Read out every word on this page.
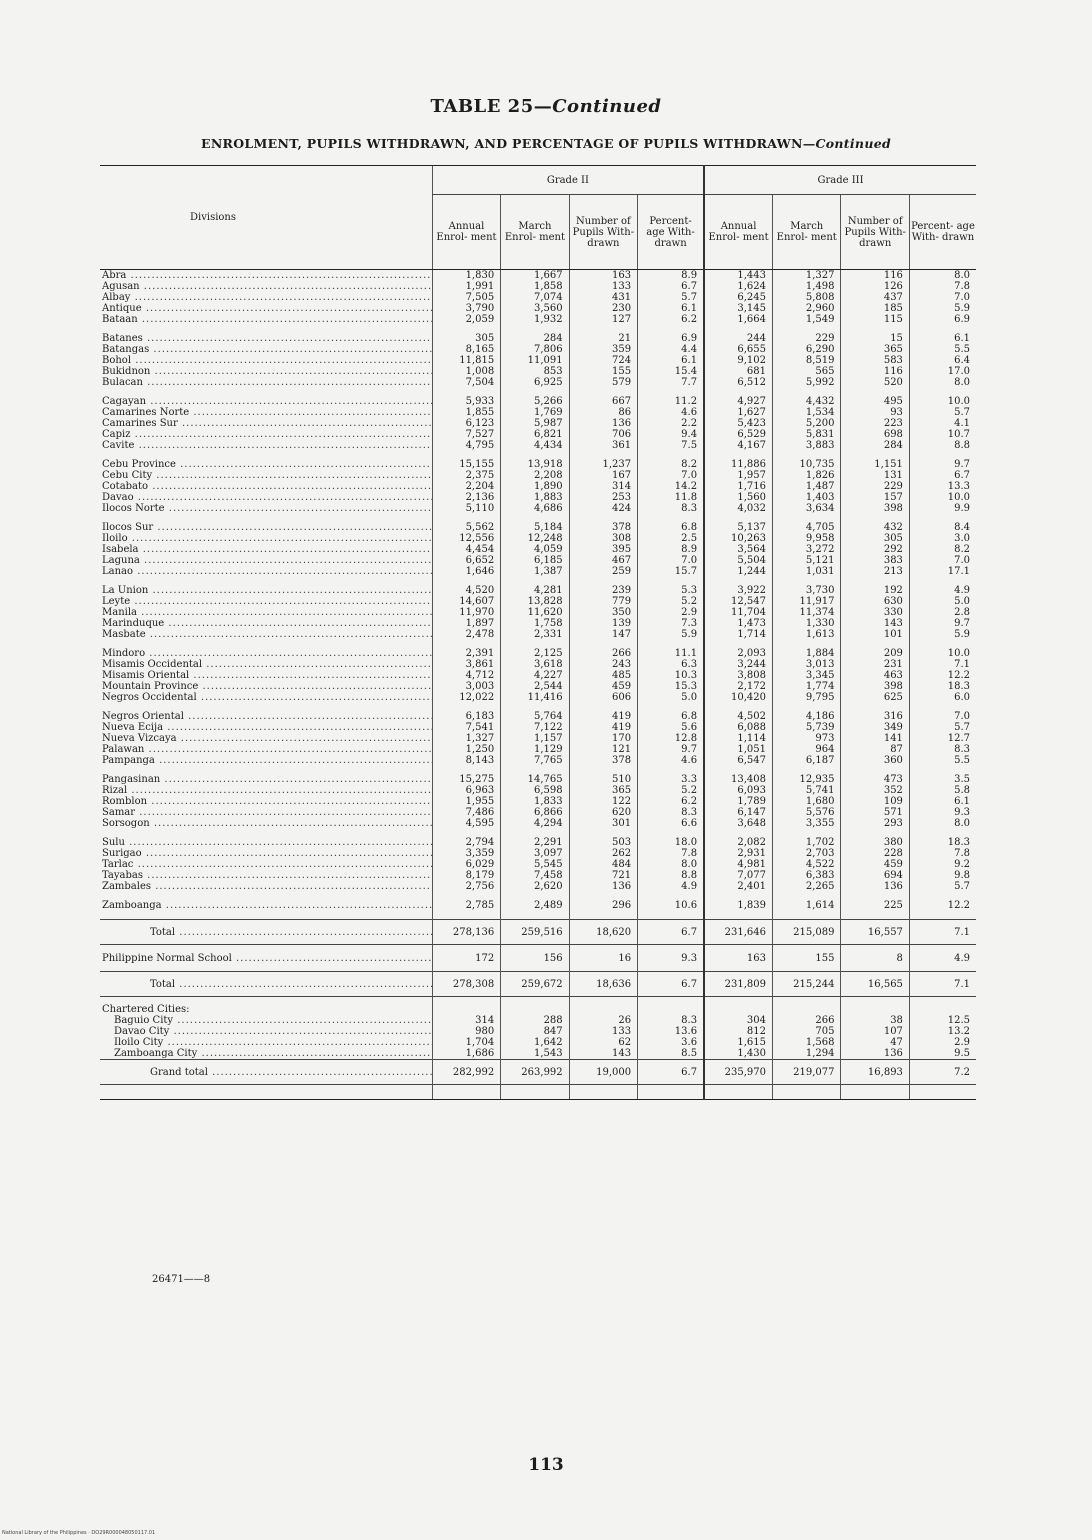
TABLE 25—Continued
ENROLMENT, PUPILS WITHDRAWN, AND PERCENTAGE OF PUPILS WITHDRAWN—Continued
Divisions	Grade II				Grade III			
	Annual Enrol- ment	March Enrol- ment	Number of Pupils With- drawn	Percent- age With- drawn	Annual Enrol- ment	March Enrol- ment	Number of Pupils With- drawn	Percent- age With- drawn
Abra .....	1,830	1,667	163	8.9	1,443	1,327	116	8.0
Agusan .....	1,991	1,858	133	6.7	1,624	1,498	126	7.8
Albay .....	7,505	7,074	431	5.7	6,245	5,808	437	7.0
Antique .....	3,790	3,560	230	6.1	3,145	2,960	185	5.9
Bataan .....	2,059	1,932	127	6.2	1,664	1,549	115	6.9

Batanes .....	305	284	21	6.9	244	229	15	6.1
Batangas .....	8,165	7,806	359	4.4	6,655	6,290	365	5.5
Bohol .....	11,815	11,091	724	6.1	9,102	8,519	583	6.4
Bukidnon .....	1,008	853	155	15.4	681	565	116	17.0
Bulacan .....	7,504	6,925	579	7.7	6,512	5,992	520	8.0

Cagayan .....	5,933	5,266	667	11.2	4,927	4,432	495	10.0
Camarines Norte .....	1,855	1,769	86	4.6	1,627	1,534	93	5.7
Camarines Sur .....	6,123	5,987	136	2.2	5,423	5,200	223	4.1
Capiz .....	7,527	6,821	706	9.4	6,529	5,831	698	10.7
Cavite .....	4,795	4,434	361	7.5	4,167	3,883	284	8.8

Cebu Province .....	15,155	13,918	1,237	8.2	11,886	10,735	1,151	9.7
Cebu City .....	2,375	2,208	167	7.0	1,957	1,826	131	6.7
Cotabato .....	2,204	1,890	314	14.2	1,716	1,487	229	13.3
Davao .....	2,136	1,883	253	11.8	1,560	1,403	157	10.0
Ilocos Norte .....	5,110	4,686	424	8.3	4,032	3,634	398	9.9

Ilocos Sur .....	5,562	5,184	378	6.8	5,137	4,705	432	8.4
Iloilo .....	12,556	12,248	308	2.5	10,263	9,958	305	3.0
Isabela .....	4,454	4,059	395	8.9	3,564	3,272	292	8.2
Laguna .....	6,652	6,185	467	7.0	5,504	5,121	383	7.0
Lanao .....	1,646	1,387	259	15.7	1,244	1,031	213	17.1

La Union .....	4,520	4,281	239	5.3	3,922	3,730	192	4.9
Leyte .....	14,607	13,828	779	5.2	12,547	11,917	630	5.0
Manila .....	11,970	11,620	350	2.9	11,704	11,374	330	2.8
Marinduque .....	1,897	1,758	139	7.3	1,473	1,330	143	9.7
Masbate .....	2,478	2,331	147	5.9	1,714	1,613	101	5.9

Mindoro .....	2,391	2,125	266	11.1	2,093	1,884	209	10.0
Misamis Occidental .....	3,861	3,618	243	6.3	3,244	3,013	231	7.1
Misamis Oriental .....	4,712	4,227	485	10.3	3,808	3,345	463	12.2
Mountain Province .....	3,003	2,544	459	15.3	2,172	1,774	398	18.3
Negros Occidental .....	12,022	11,416	606	5.0	10,420	9,795	625	6.0

Negros Oriental .....	6,183	5,764	419	6.8	4,502	4,186	316	7.0
Nueva Ecija .....	7,541	7,122	419	5.6	6,088	5,739	349	5.7
Nueva Vizcaya .....	1,327	1,157	170	12.8	1,114	973	141	12.7
Palawan .....	1,250	1,129	121	9.7	1,051	964	87	8.3
Pampanga .....	8,143	7,765	378	4.6	6,547	6,187	360	5.5

Pangasinan .....	15,275	14,765	510	3.3	13,408	12,935	473	3.5
Rizal .....	6,963	6,598	365	5.2	6,093	5,741	352	5.8
Romblon .....	1,955	1,833	122	6.2	1,789	1,680	109	6.1
Samar .....	7,486	6,866	620	8.3	6,147	5,576	571	9.3
Sorsogon .....	4,595	4,294	301	6.6	3,648	3,355	293	8.0

Sulu .....	2,794	2,291	503	18.0	2,082	1,702	380	18.3
Surigao .....	3,359	3,097	262	7.8	2,931	2,703	228	7.8
Tarlac .....	6,029	5,545	484	8.0	4,981	4,522	459	9.2
Tayabas .....	8,179	7,458	721	8.8	7,077	6,383	694	9.8
Zambales .....	2,756	2,620	136	4.9	2,401	2,265	136	5.7

Zamboanga .....	2,785	2,489	296	10.6	1,839	1,614	225	12.2

Total .....	278,136	259,516	18,620	6.7	231,646	215,089	16,557	7.1
Philippine Normal School .....	172	156	16	9.3	163	155	8	4.9
Total .....	278,308	259,672	18,636	6.7	231,809	215,244	16,565	7.1
Chartered Cities:								
Baguio City .....	314	288	26	8.3	304	266	38	12.5
Davao City .....	980	847	133	13.6	812	705	107	13.2
Iloilo City .....	1,704	1,642	62	3.6	1,615	1,568	47	2.9
Zamboanga City .....	1,686	1,543	143	8.5	1,430	1,294	136	9.5
Grand total .....	282,992	263,992	19,000	6.7	235,970	219,077	16,893	7.2

26471——8
113
National Library of the Philippines · DO29R000048050117.01
